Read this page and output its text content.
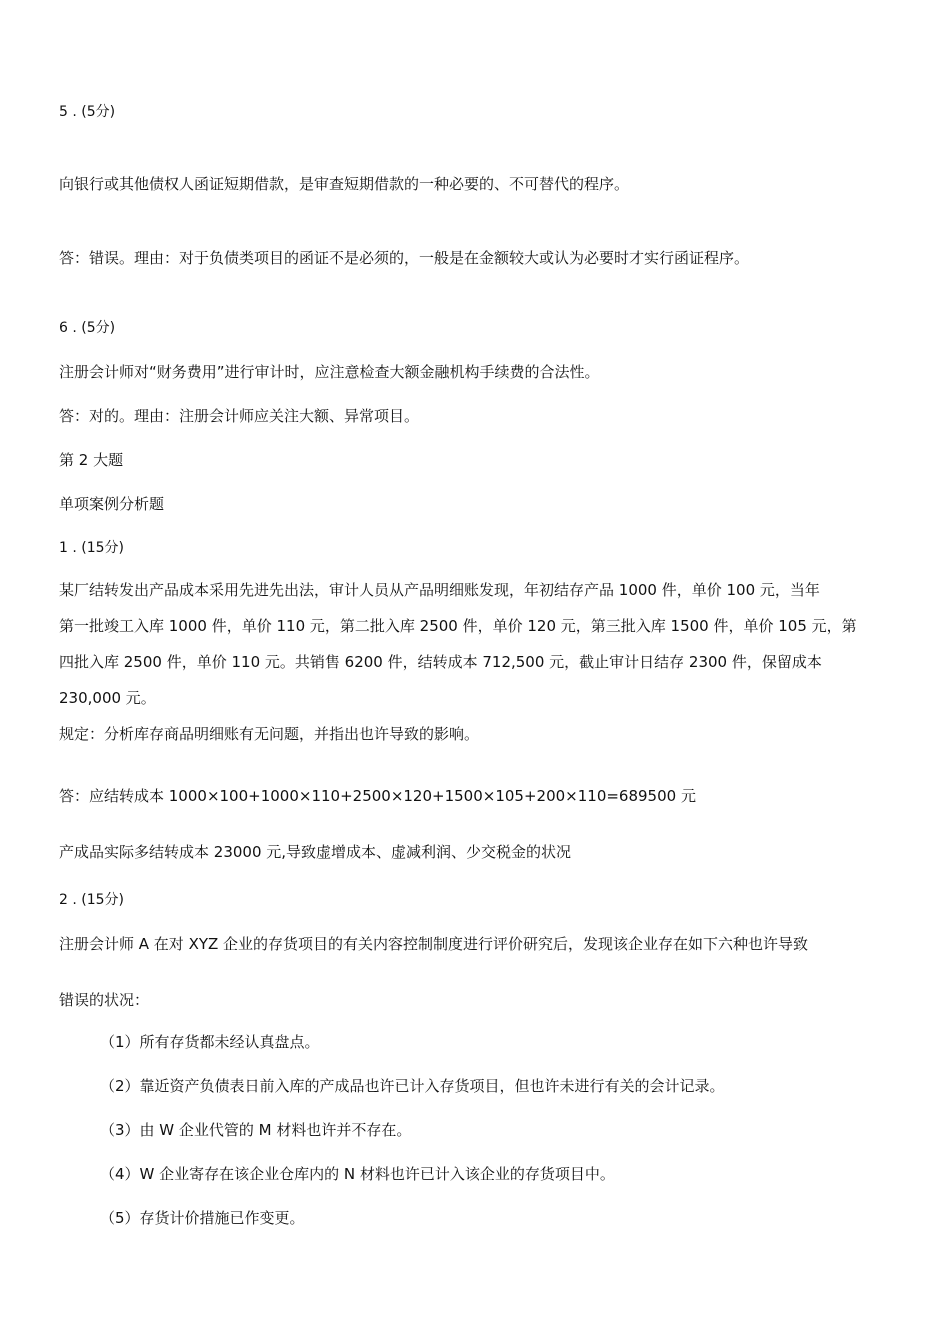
5 . (5分)
向银行或其他债权人函证短期借款，是审查短期借款的一种必要的、不可替代的程序。
答：错误。理由：对于负债类项目的函证不是必须的，一般是在金额较大或认为必要时才实行函证程序。
6 . (5分)
注册会计师对“财务费用”进行审计时，应注意检查大额金融机构手续费的合法性。
答：对的。理由：注册会计师应关注大额、异常项目。
第 2 大题
单项案例分析题
1 . (15分)
某厂结转发出产品成本采用先进先出法，审计人员从产品明细账发现，年初结存产品 1000 件，单价 100 元，当年
第一批竣工入库 1000 件，单价 110 元，第二批入库 2500 件，单价 120 元，第三批入库 1500 件，单价 105 元，第
四批入库 2500 件，单价 110 元。共销售 6200 件，结转成本 712,500 元，截止审计日结存 2300 件，保留成本
230,000 元。
规定：分析库存商品明细账有无问题，并指出也许导致的影响。
答：应结转成本 1000×100+1000×110+2500×120+1500×105+200×110=689500 元
产成品实际多结转成本 23000 元,导致虚增成本、虚减利润、少交税金的状况
2 . (15分)
注册会计师 A 在对 XYZ 企业的存货项目的有关内容控制制度进行评价研究后，发现该企业存在如下六种也许导致
错误的状况：
（1）所有存货都未经认真盘点。
（2）靠近资产负债表日前入库的产成品也许已计入存货项目，但也许未进行有关的会计记录。
（3）由 W 企业代管的 M 材料也许并不存在。
（4）W 企业寄存在该企业仓库内的 N 材料也许已计入该企业的存货项目中。
（5）存货计价措施已作变更。
